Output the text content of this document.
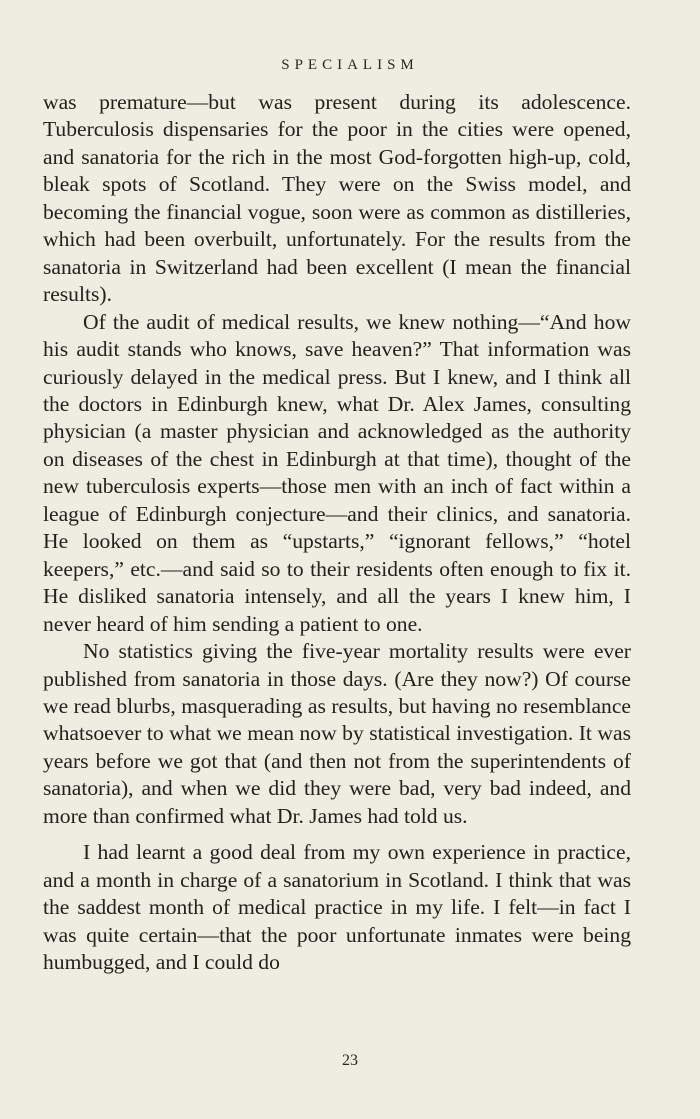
SPECIALISM

was premature—but was present during its adolescence. Tuberculosis dispensaries for the poor in the cities were opened, and sanatoria for the rich in the most God-forgotten high-up, cold, bleak spots of Scotland. They were on the Swiss model, and becoming the financial vogue, soon were as common as distilleries, which had been overbuilt, unfortunately. For the results from the sanatoria in Switzerland had been excellent (I mean the financial results).

Of the audit of medical results, we knew nothing—“And how his audit stands who knows, save heaven?” That information was curiously delayed in the medical press. But I knew, and I think all the doctors in Edinburgh knew, what Dr. Alex James, consulting physician (a master physician and acknowledged as the authority on diseases of the chest in Edinburgh at that time), thought of the new tuberculosis experts—those men with an inch of fact within a league of Edinburgh conjecture—and their clinics, and sanatoria. He looked on them as “upstarts,” “ignorant fellows,” “hotel keepers,” etc.—and said so to their residents often enough to fix it. He disliked sanatoria intensely, and all the years I knew him, I never heard of him sending a patient to one.

No statistics giving the five-year mortality results were ever published from sanatoria in those days. (Are they now?) Of course we read blurbs, masquerading as results, but having no resemblance whatsoever to what we mean now by statistical investigation. It was years before we got that (and then not from the superintendents of sanatoria), and when we did they were bad, very bad indeed, and more than confirmed what Dr. James had told us.

I had learnt a good deal from my own experience in practice, and a month in charge of a sanatorium in Scotland. I think that was the saddest month of medical practice in my life. I felt—in fact I was quite certain—that the poor unfortunate inmates were being humbugged, and I could do

23
